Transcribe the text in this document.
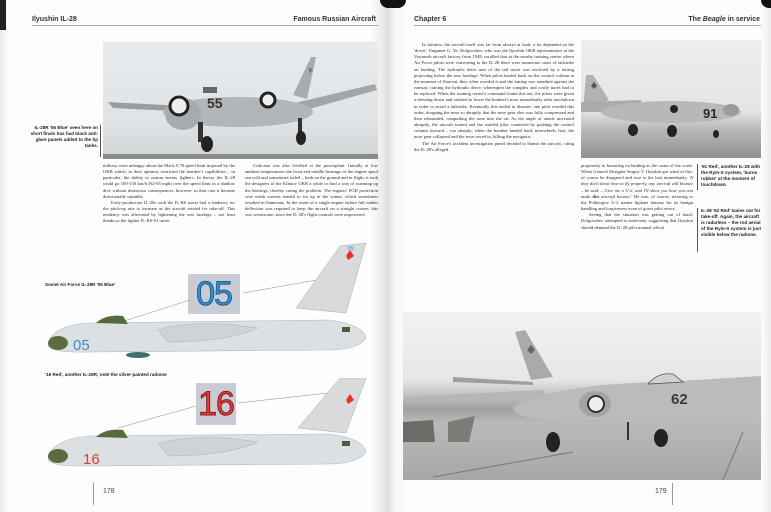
Ilyushin IL-28	Famous Russian Aircraft
55
IL-28R '55 Blue' seen here on short finals has had black anti-glare panels added to the tip tanks.

military were unhappy about the Mach 0.78 speed limit imposed by the OKB which, in their opinion, restricted the bomber's capabilities – in particular, the ability to outrun enemy fighters. In theory the IL-28 could go 100-150 km/h (62-93 mph) over the speed limit in a shallow dive without disastrous consequences; however, in that case it became directionally unstable.

Early-production IL-28s with the IL-K6 turret had a tendency for the pitch-up rate to increase as the aircraft rotated for take-off. This tendency was alleviated by lightening the rear fuselage – not least thanks to the lighter IL-K6-51 turret.

Criticism was also levelled at the powerplant. Initially at low ambient temperatures the front and middle bearings of the engine spool ran cold and sometimes failed – both on the ground and in flight; it took the designers of the Klimov OKB a while to find a way of warming up the bearings, thereby curing the problem. The engines' FOD protection wire mesh screens tended to ice up in the winter, which sometimes resulted in flameouts. In the event of a single-engine failure full rudder deflection was required to keep the aircraft on a straight course; this was wearisome, since the IL-28's flight controls were unpowered.

Soviet Air Force IL-28R '05 Blue' 05
05
05
'16 Red', another IL-28R; note the silver-painted radome
16
16
178
Chapter 6	The Beagle in service

In fairness, the aircraft itself was far from always at fault; a lot depended on the 'driver'. Engineer G. Ye. Dolgooshev, who was the Ilyushin OKB representative at the Voronezh aircraft factory from 1948, recalled that at the nearby training centre where Air Force pilots were converting to the IL-28 there were numerous cases of tailstrike on landing. The hydraulic drive unit of the tail turret was enclosed by a fairing projecting below the rear fuselage. When pilots hauled back on the control column at the moment of flareout, they often overdid it and the fairing was smashed against the runway, ruining the hydraulic drive, whereupon the complex and costly turret had to be replaced. When the training centre's command found this out, the pilots were given a dressing-down and ordered to lower the bomber's nose immediately after touchdown in order to avoid a tailstrike. Eventually this ended in disaster; one pilot overdid this order, dropping the nose so abruptly that the nose gear oleo was fully compressed and then rebounded, catapulting the nose into the air. As the angle of attack increased abruptly, the aircraft soared and the startled pilot countered by pushing the control column forward – too sharply; when the bomber landed hard, nosewheels first, the nose gear collapsed and the nose caved in, killing the navigator.

The Air Force's accident investigation panel decided to blame the aircraft, citing the IL-28's alleged

91
'91 Red', another IL-28 with the Rym-S system, 'burns rubber' at the moment of touchdown.

propensity to bouncing on landing as the cause of the crash. When General Designer Sergey V. Ilyushin got wind of this, of course he disagreed and rose to the bait immediately. 'If they don't know how to fly properly, any aircraft will bounce – he said. – Give me a U-2, and I'll show you how you can make this aircraft bounce.' He was, of course, referring to the Polikarpov U-2 trainer biplane famous for its benign handling and forgiveness even of grave pilot errors.

Seeing that the situation was getting out of hand, Dolgooshev attempted to intervene, suggesting that Ilyushin should demand the IL-28 pilot manual which

IL-28 '62 Red' taxies out for take-off. Again, the aircraft is radarless – the rod aerial of the Rym-S system is just visible below the radome.
62
179
